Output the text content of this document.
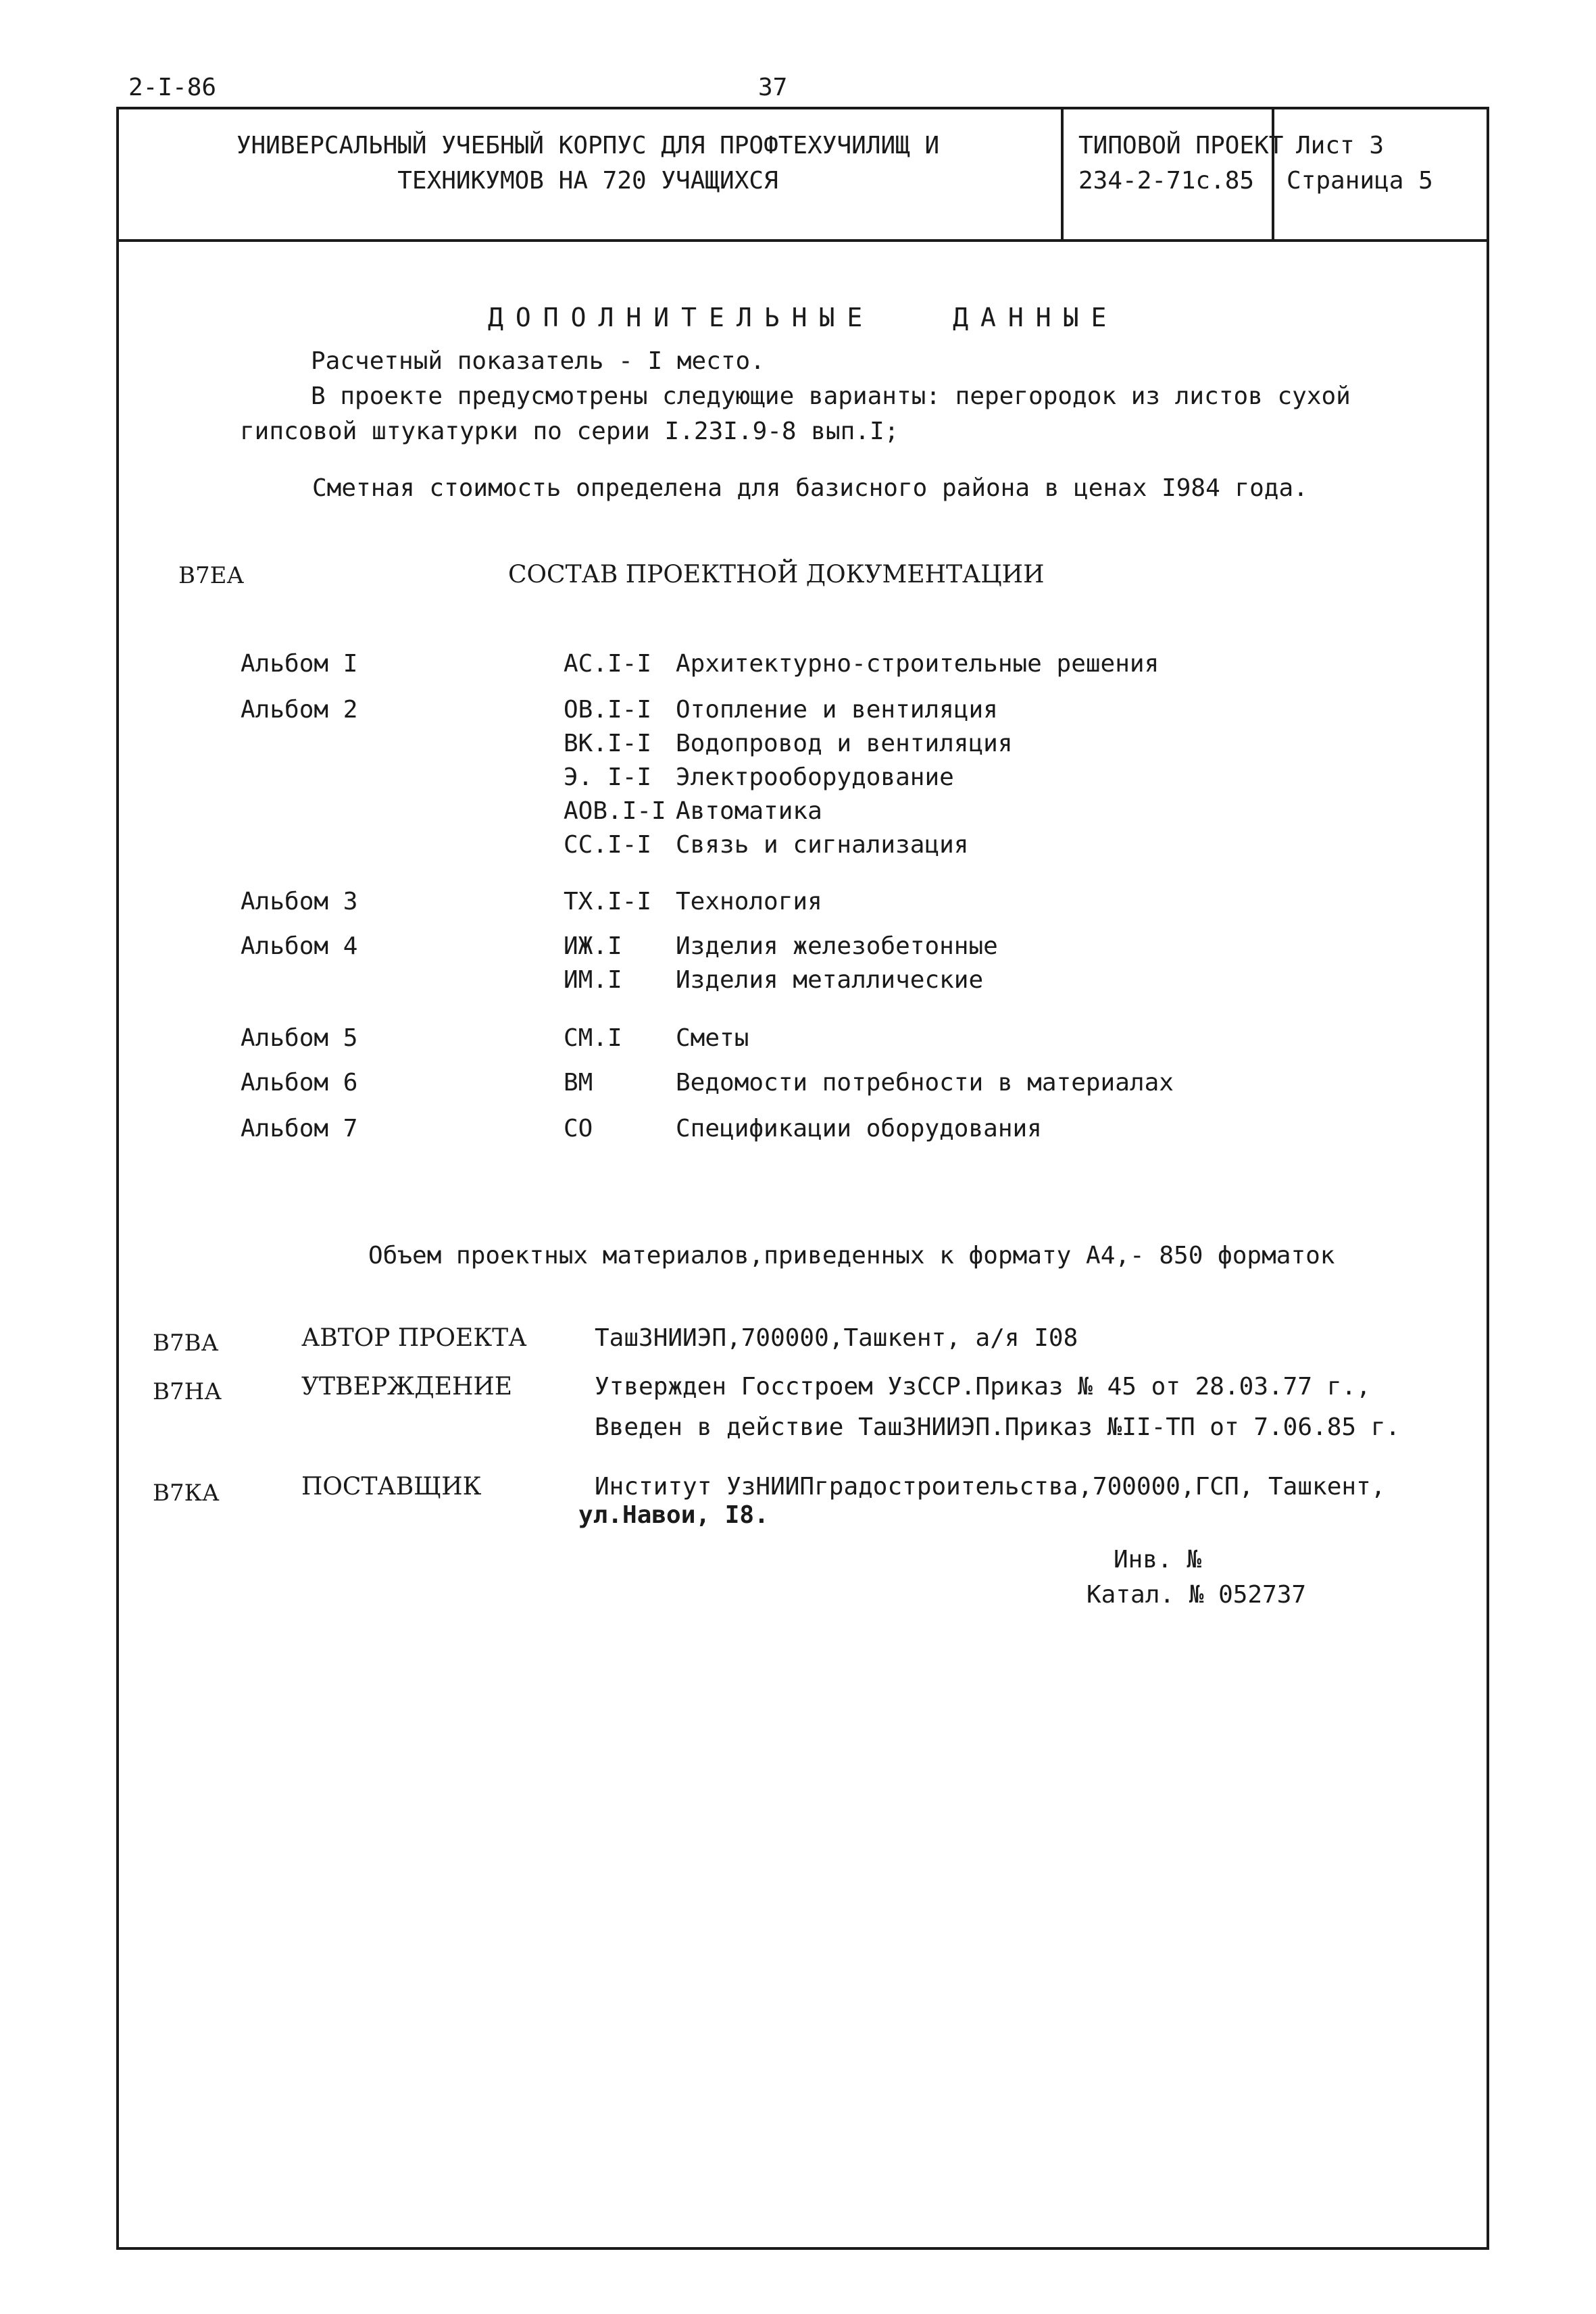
2-I-86	37
УНИВЕРСАЛЬНЫЙ УЧЕБНЫЙ КОРПУС ДЛЯ ПРОФТЕХУЧИЛИЩ И
ТЕХНИКУМОВ НА 720 УЧАЩИХСЯ
ТИПОВОЙ ПРОЕКТ
234-2-71с.85
Лист 3
Страница 5
ДОПОЛНИТЕЛЬНЫЕ	ДАННЫЕ
Расчетный показатель - I место.
В проекте предусмотрены следующие варианты: перегородок из листов сухой
гипсовой штукатурки по серии I.23I.9-8 вып.I;
Сметная стоимость определена для базисного района в ценах I984 года.
В7ЕА	СОСТАВ ПРОЕКТНОЙ ДОКУМЕНТАЦИИ
Альбом I	АС.I-I Архитектурно-строительные решения
Альбом 2	ОВ.I-I Отопление и вентиляция
ВК.I-I Водопровод и вентиляция
Э. I-I Электрооборудование
АОВ.I-I Автоматика
СС.I-I Связь и сигнализация
Альбом 3	ТХ.I-I Технология
Альбом 4	ИЖ.I Изделия железобетонные
ИМ.I Изделия металлические
Альбом 5	СМ.I Сметы
Альбом 6	ВМ	Ведомости потребности в материалах
Альбом 7	СО	Спецификации оборудования
Объем проектных материалов,приведенных к формату А4,- 850 форматок
В7ВА	АВТОР ПРОЕКТА	ТашЗНИИЭП,700000,Ташкент, а/я I08
В7НА	УТВЕРЖДЕНИЕ	Утвержден Госстроем УзССР.Приказ № 45 от 28.03.77 г.,
Введен в действие ТашЗНИИЭП.Приказ №II-ТП от 7.06.85 г.
В7КА	ПОСТАВЩИК	Институт УзНИИПградостроительства,700000,ГСП, Ташкент,
ул.Навои, I8.
Инв. №
Катал. № 052737
